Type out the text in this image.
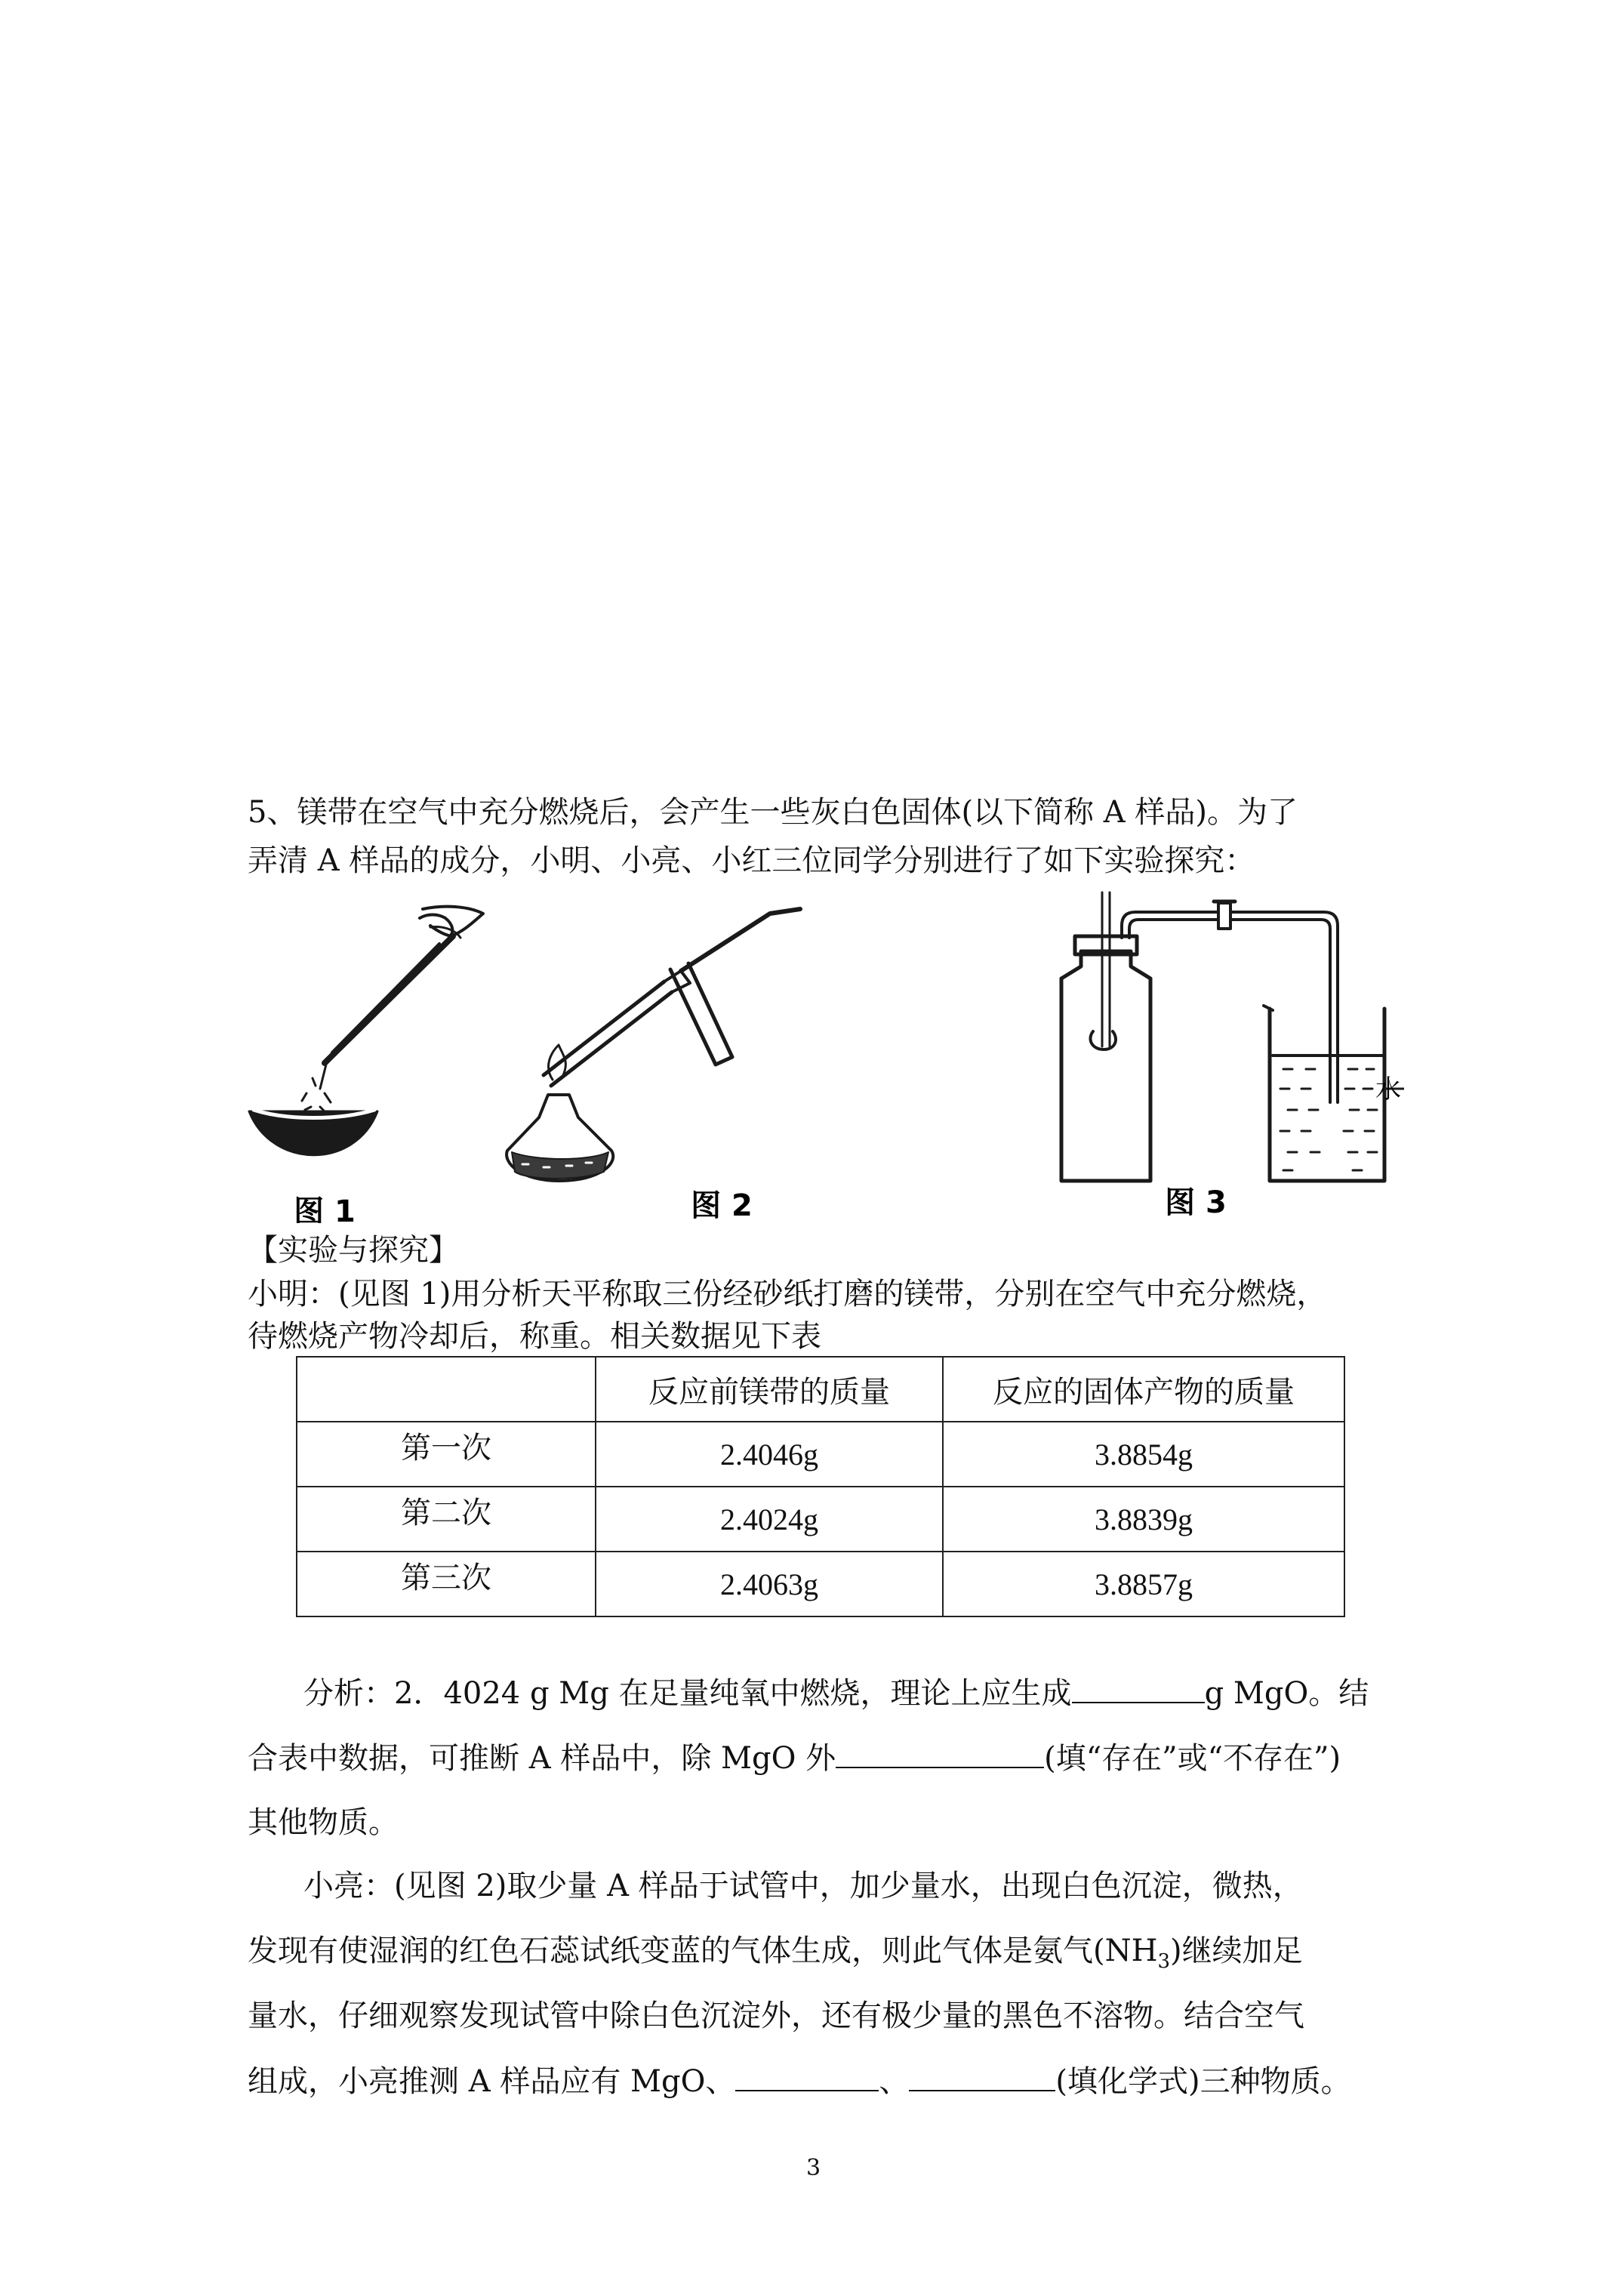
5、镁带在空气中充分燃烧后，会产生一些灰白色固体(以下简称 A 样品)。为了
弄清 A 样品的成分，小明、小亮、小红三位同学分别进行了如下实验探究：
图 1	图 2	图 3
水
【实验与探究】
小明：(见图 1)用分析天平称取三份经砂纸打磨的镁带，分别在空气中充分燃烧，
待燃烧产物冷却后，称重。相关数据见下表
	反应前镁带的质量	反应的固体产物的质量

第一次	2.4046g	3.8854g

第二次	2.4024g	3.8839g

第三次	2.4063g	3.8857g
分析：2．4024 g Mg 在足量纯氧中燃烧，理论上应生成	g MgO。结
合表中数据，可推断 A 样品中，除 MgO 外	(填“存在”或“不存在”)
其他物质。
小亮：(见图 2)取少量 A 样品于试管中，加少量水，出现白色沉淀，微热，
发现有使湿润的红色石蕊试纸变蓝的气体生成，则此气体是氨气$(NH_3)$继续加足
量水，仔细观察发现试管中除白色沉淀外，还有极少量的黑色不溶物。结合空气
组成，小亮推测 A 样品应有 MgO、	、	(填化学式)三种物质。
3
